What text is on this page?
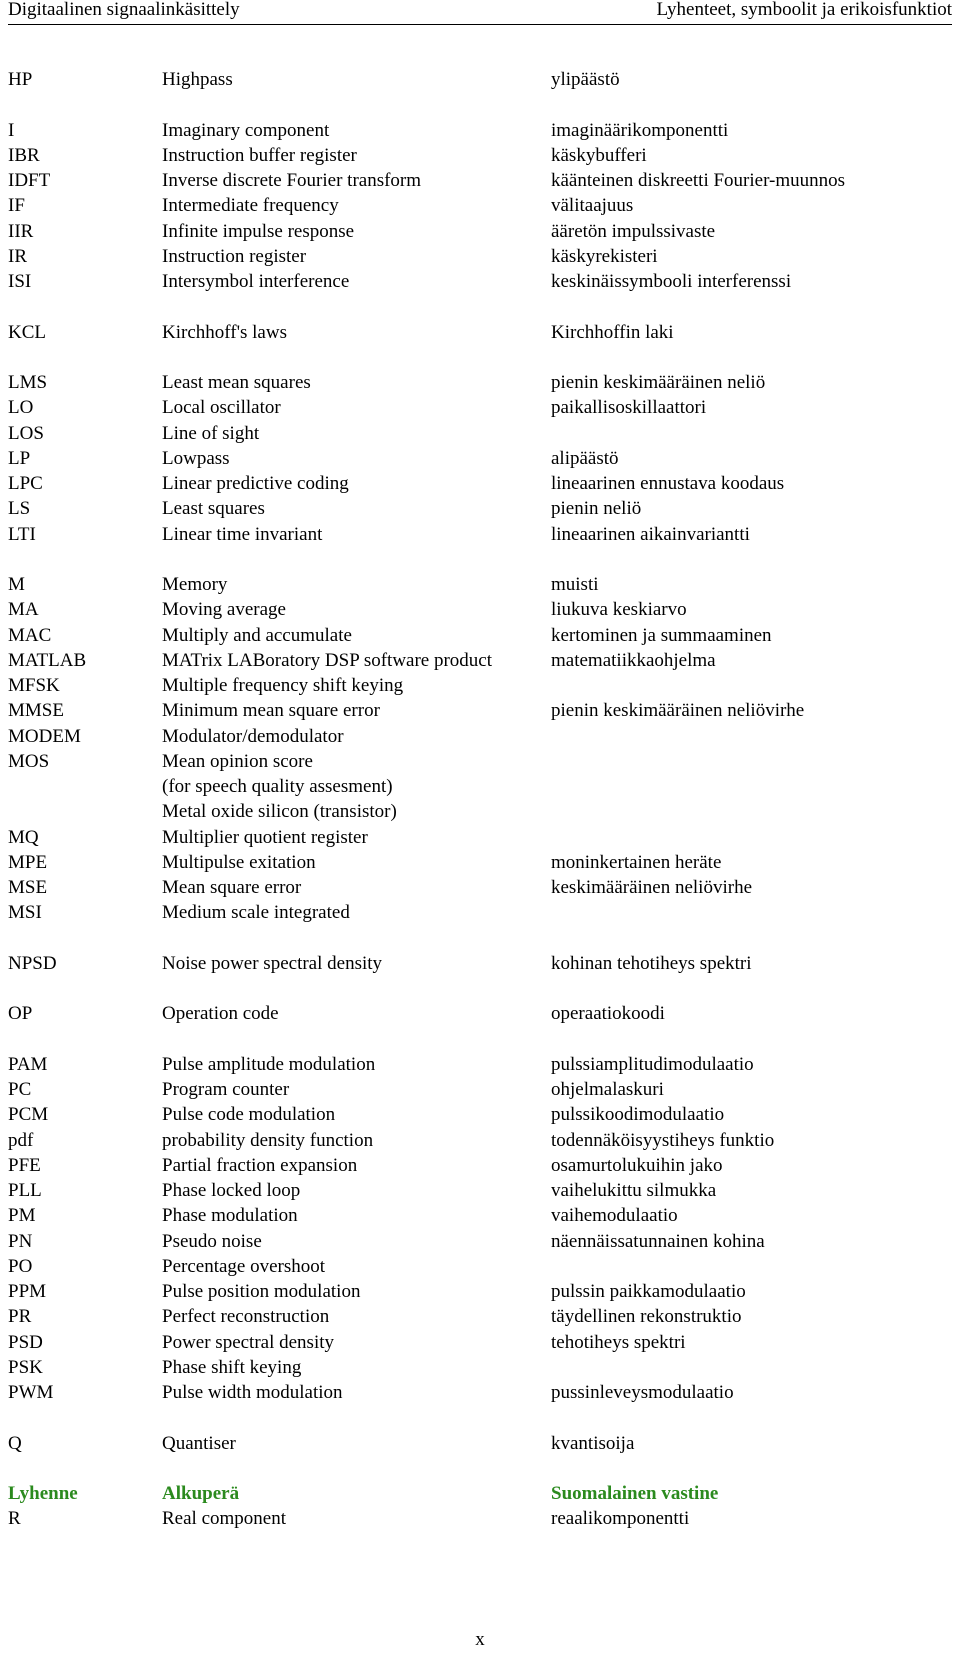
Digitaalinen signaalinkäsittely	Lyhenteet, symboolit ja erikoisfunktiot
HP	Highpass	ylipäästö
I	Imaginary component	imaginäärikomponentti
IBR	Instruction buffer register	käskybufferi
IDFT	Inverse discrete Fourier transform	käänteinen diskreetti Fourier-muunnos
IF	Intermediate frequency	välitaajuus
IIR	Infinite impulse response	ääretön impulssivaste
IR	Instruction register	käskyrekisteri
ISI	Intersymbol interference	keskinäissymbooli interferenssi
KCL	Kirchhoff's laws	Kirchhoffin laki
LMS	Least mean squares	pienin keskimääräinen neliö
LO	Local oscillator	paikallisoskillaattori
LOS	Line of sight
LP	Lowpass	alipäästö
LPC	Linear predictive coding	lineaarinen ennustava koodaus
LS	Least squares	pienin neliö
LTI	Linear time invariant	lineaarinen aikainvariantti
M	Memory	muisti
MA	Moving average	liukuva keskiarvo
MAC	Multiply and accumulate	kertominen ja summaaminen
MATLAB	MATrix LABoratory DSP software product	matematiikkaohjelma
MFSK	Multiple frequency shift keying
MMSE	Minimum mean square error	pienin keskimääräinen neliövirhe
MODEM	Modulator/demodulator
MOS	Mean opinion score
(for speech quality assesment)
Metal oxide silicon (transistor)
MQ	Multiplier quotient register
MPE	Multipulse exitation	moninkertainen heräte
MSE	Mean square error	keskimääräinen neliövirhe
MSI	Medium scale integrated
NPSD	Noise power spectral density	kohinan tehotiheys spektri
OP	Operation code	operaatiokoodi
PAM	Pulse amplitude modulation	pulssiamplitudimodulaatio
PC	Program counter	ohjelmalaskuri
PCM	Pulse code modulation	pulssikoodimodulaatio
pdf	probability density function	todennäköisyystiheys funktio
PFE	Partial fraction expansion	osamurtolukuihin jako
PLL	Phase locked loop	vaihelukittu silmukka
PM	Phase modulation	vaihemodulaatio
PN	Pseudo noise	näennäissatunnainen kohina
PO	Percentage overshoot
PPM	Pulse position modulation	pulssin paikkamodulaatio
PR	Perfect reconstruction	täydellinen rekonstruktio
PSD	Power spectral density	tehotiheys spektri
PSK	Phase shift keying
PWM	Pulse width modulation	pussinleveysmodulaatio
Q	Quantiser	kvantisoija
Lyhenne	Alkuperä	Suomalainen vastine
R	Real component	reaalikomponentti
x
